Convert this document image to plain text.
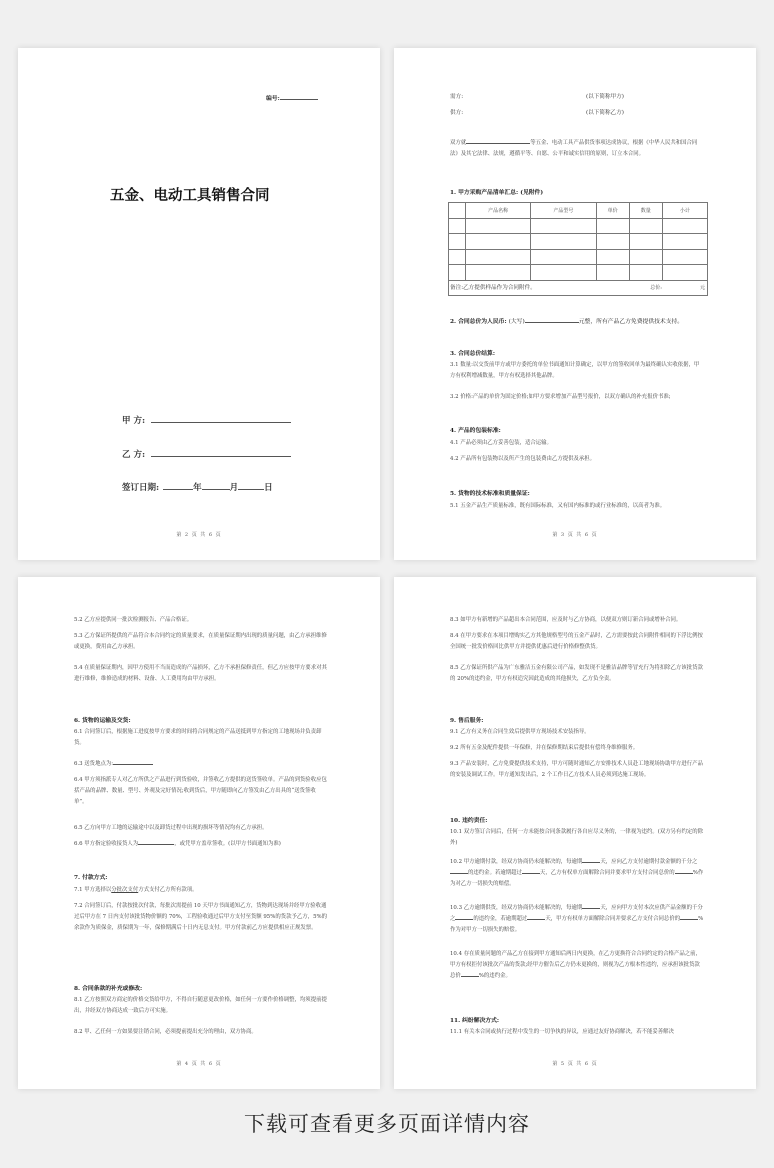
编号:
五金、电动工具销售合同
甲 方:
乙 方:
签订日期:	年	月	日
第 2 页 共 6 页
需方:	(以下简称甲方)
供方:	(以下简称乙方)
双方就	等五金、电动工具产品供货事项达成协议，根据《中华人民共和国合同法》及其它法律、法规，遵循平等、自愿、公平和诚实信用的原则，订立本合同。
1. 甲方采购产品清单汇总: (见附件)
	产品名称	产品型号	单价	数量	小计

总价: 元					
备注:乙方提供样品作为合同附件。
2. 合同总价为人民币: (大写)	元整，所有产品乙方免费提供技术支持。
3. 合同总价结算:
3.1 数量:以交货前甲方或甲方委托的单位书面通知计算确定，以甲方的签收回单为最终确认实收依据，甲方有权利增减数量，甲方有权选择其他品牌。
3.2 价格:产品的单价为固定价格;如甲方要求增加产品型号报价，以双方确认的补充报价书准;
4. 产品的包装标准:
4.1 产品必须由乙方妥善包装，适合运输。
4.2 产品所有包装物以及所产生的包装费由乙方提供及承担。
5. 货物的技术标准和质量保证:
5.1 五金产品生产质量标准，既有国际标准，又有国内标准的或行业标准的，以高者为准。
第 3 页 共 6 页
5.2 乙方应提供同一批次检测报告、产品合格证。
5.3 乙方保证所提供的产品符合本合同约定的质量要求，在质量保证期内出现的质量问题，由乙方承担维修或更换，费用由乙方承担。
5.4 在质量保证期内，因甲方使用不当而造成的产品损坏，乙方不承担保修责任，但乙方应按甲方要求对其进行维修，维修造成的材料、设备、人工费用均由甲方承担。
6. 货物的运输及交货:
6.1 合同签订后，根据施工进度按甲方要求的时间将合同规定的产品送抵到甲方指定的工地现场并负责卸货。
6.3 送货地点为:
6.4 甲方须指派专人对乙方所供之产品进行到货验收，并签收乙方提供的送货签收单。产品的到货验收应包括产品的品牌、数量、型号、外观及完好情况;收到货后，甲方随即向乙方签发由乙方出具的“送货签收单”。
6.5 乙方向甲方工地的运输途中以及卸货过程中出现的损坏等情况均有乙方承担。
6.6 甲方指定验收接货人为	，或凭甲方盖章签收。(以甲方书面通知为准)
7. 付款方式:
7.1 甲方选择以分批次支付方式支付乙方所有款项。
7.2 合同签订后，付款按批次付款，每批次需提前 10 天甲方书面通知乙方，货物到达现场并经甲方验收通过后甲方在 7 日内支付该批货物价额的 70%，工程验收通过后甲方支付至货额 95%的货款予乙方，5%的余款作为质保金，质保期为一年，保修期满后十日内无息支付。甲方付款前乙方应提供相应正规发票。
8. 合同条款的补充或修改:
8.1 乙方按照双方商定的价格交货给甲方，不得自行随意更改价格，如任何一方要作价格调整，均须提前提出，并经双方协商达成一致后方可实施。
8.2 甲、乙任何一方如果要注销合同，必须提前提出充分的理由，双方协商。
第 4 页 共 6 页
8.3 如甲方有新增的产品超出本合同范围，应及时与乙方协商，以便双方则订新合同或增补合同。
8.4 在甲方要求在本项目增购实乙方其他规格型号的五金产品时，乙方需要按此合同附件相同的下浮比例按全国统一批发价格回比供甲方并提供优惠后进行价格修整供货。
8.5 乙方保证所供产品为广东雅洁五金有限公司产品，如发现不是雅洁品牌等冒充行为将扣除乙方该批货款的 20%的违约金，甲方有权追究因此造成的其他损失，乙方负全责。
9. 售后服务:
9.1 乙方有义务在合同生效后提供甲方现场技术安装指导。
9.2 所有五金及配件提供一年保修，并在保修期结束后提供有偿终身维修服务。
9.3 产品安装时，乙方免费提供技术支持，甲方可随时通知乙方安排技术人员赴工地现场协助甲方进行产品的安装及调试工作。甲方通知发出后，2 个工作日乙方技术人员必须到达施工现场。
10. 违约责任:
10.1 双方签订合同后，任何一方未能按合同条款履行各自应尽义务的，一律视为违约。(双方另有约定的除外)
10.2 甲方逾期付款，经双方协商仍未能解决的，每逾期	天，应向乙方支付逾期付款金额的千分之的违约金。若逾期超过	天，乙方有权单方面解除合同并要求甲方支付合同总价的	%作为对乙方一切损失的赔偿。
10.3 乙方逾期供货，经双方协商仍未能解决的，每逾期	天，应向甲方支付本次应供产品金额的千分之	的违约金，若逾期超过	天，甲方有权单方面解除合同并要求乙方支付合同总价的	%作为对甲方一切损失的赔偿。
10.4 存在质量问题的产品乙方在接到甲方通知后两日内更换，在乙方更换符合合同约定的合格产品之前，甲方有权拒付该批次产品的货款;经甲方催告后乙方仍未更换的，则视为乙方根本性违约，应承担该批货款总价	%的违约金。
11. 纠纷解决方式:
11.1 有关本合同或执行过程中发生的一切争执的异议，应通过友好协商解决，若不能妥善解决
第 5 页 共 6 页
下载可查看更多页面详情内容
